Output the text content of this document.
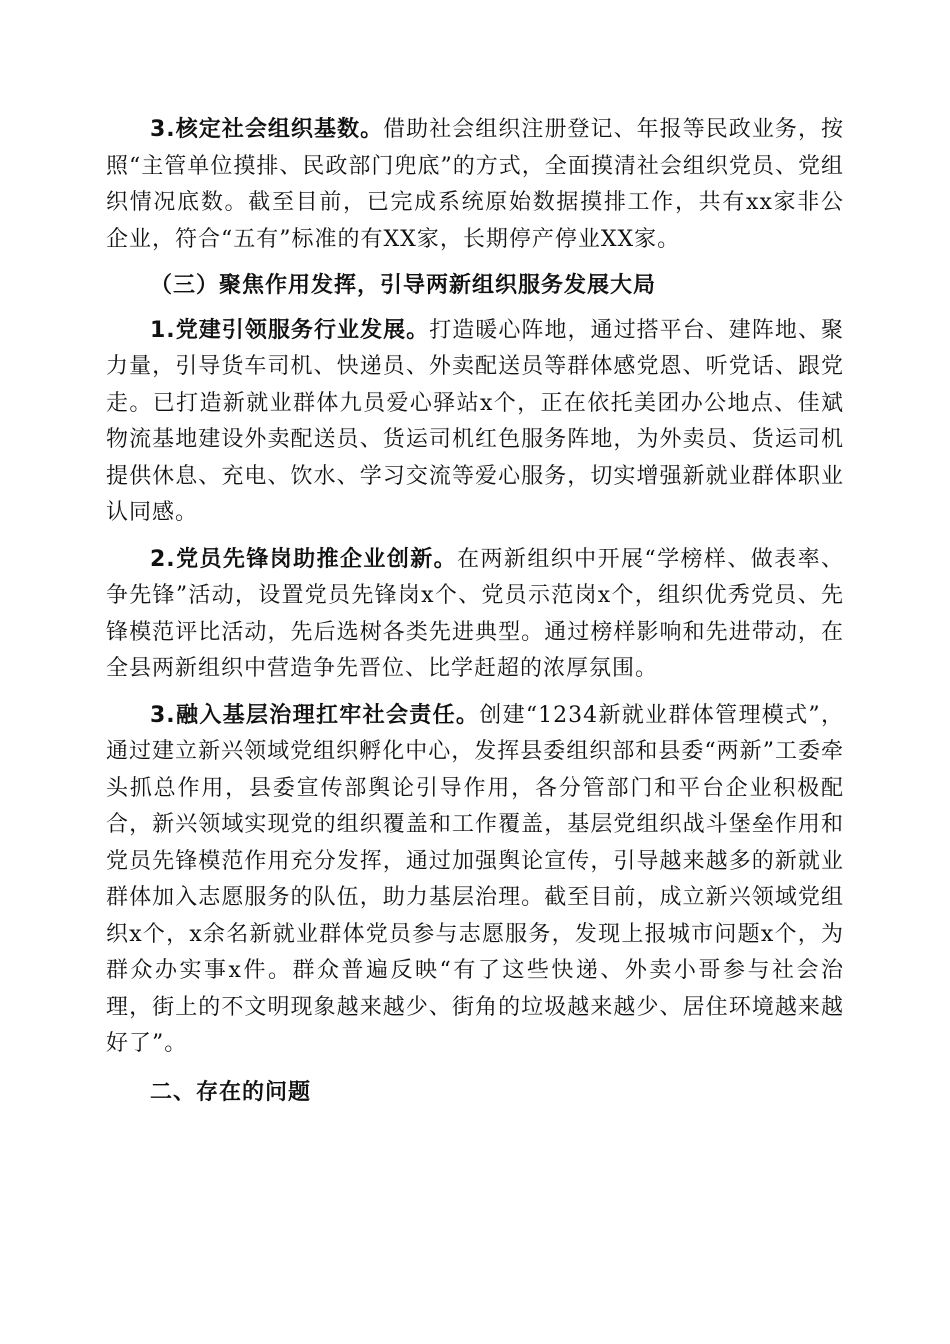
3.核定社会组织基数。借助社会组织注册登记、年报等民政业务，按照“主管单位摸排、民政部门兜底”的方式，全面摸清社会组织党员、党组织情况底数。截至目前，已完成系统原始数据摸排工作，共有xx家非公企业，符合“五有”标准的有XX家，长期停产停业XX家。

（三）聚焦作用发挥，引导两新组织服务发展大局

1.党建引领服务行业发展。打造暖心阵地，通过搭平台、建阵地、聚力量，引导货车司机、快递员、外卖配送员等群体感党恩、听党话、跟党走。已打造新就业群体九员爱心驿站x个，正在依托美团办公地点、佳斌物流基地建设外卖配送员、货运司机红色服务阵地，为外卖员、货运司机提供休息、充电、饮水、学习交流等爱心服务，切实增强新就业群体职业认同感。

2.党员先锋岗助推企业创新。在两新组织中开展“学榜样、做表率、争先锋”活动，设置党员先锋岗x个、党员示范岗x个，组织优秀党员、先锋模范评比活动，先后选树各类先进典型。通过榜样影响和先进带动，在全县两新组织中营造争先晋位、比学赶超的浓厚氛围。

3.融入基层治理扛牢社会责任。创建“1234新就业群体管理模式”，通过建立新兴领域党组织孵化中心，发挥县委组织部和县委“两新”工委牵头抓总作用，县委宣传部舆论引导作用，各分管部门和平台企业积极配合，新兴领域实现党的组织覆盖和工作覆盖，基层党组织战斗堡垒作用和党员先锋模范作用充分发挥，通过加强舆论宣传，引导越来越多的新就业群体加入志愿服务的队伍，助力基层治理。截至目前，成立新兴领域党组织x个，x余名新就业群体党员参与志愿服务，发现上报城市问题x个，为群众办实事x件。群众普遍反映“有了这些快递、外卖小哥参与社会治理，街上的不文明现象越来越少、街角的垃圾越来越少、居住环境越来越好了”。

二、存在的问题
